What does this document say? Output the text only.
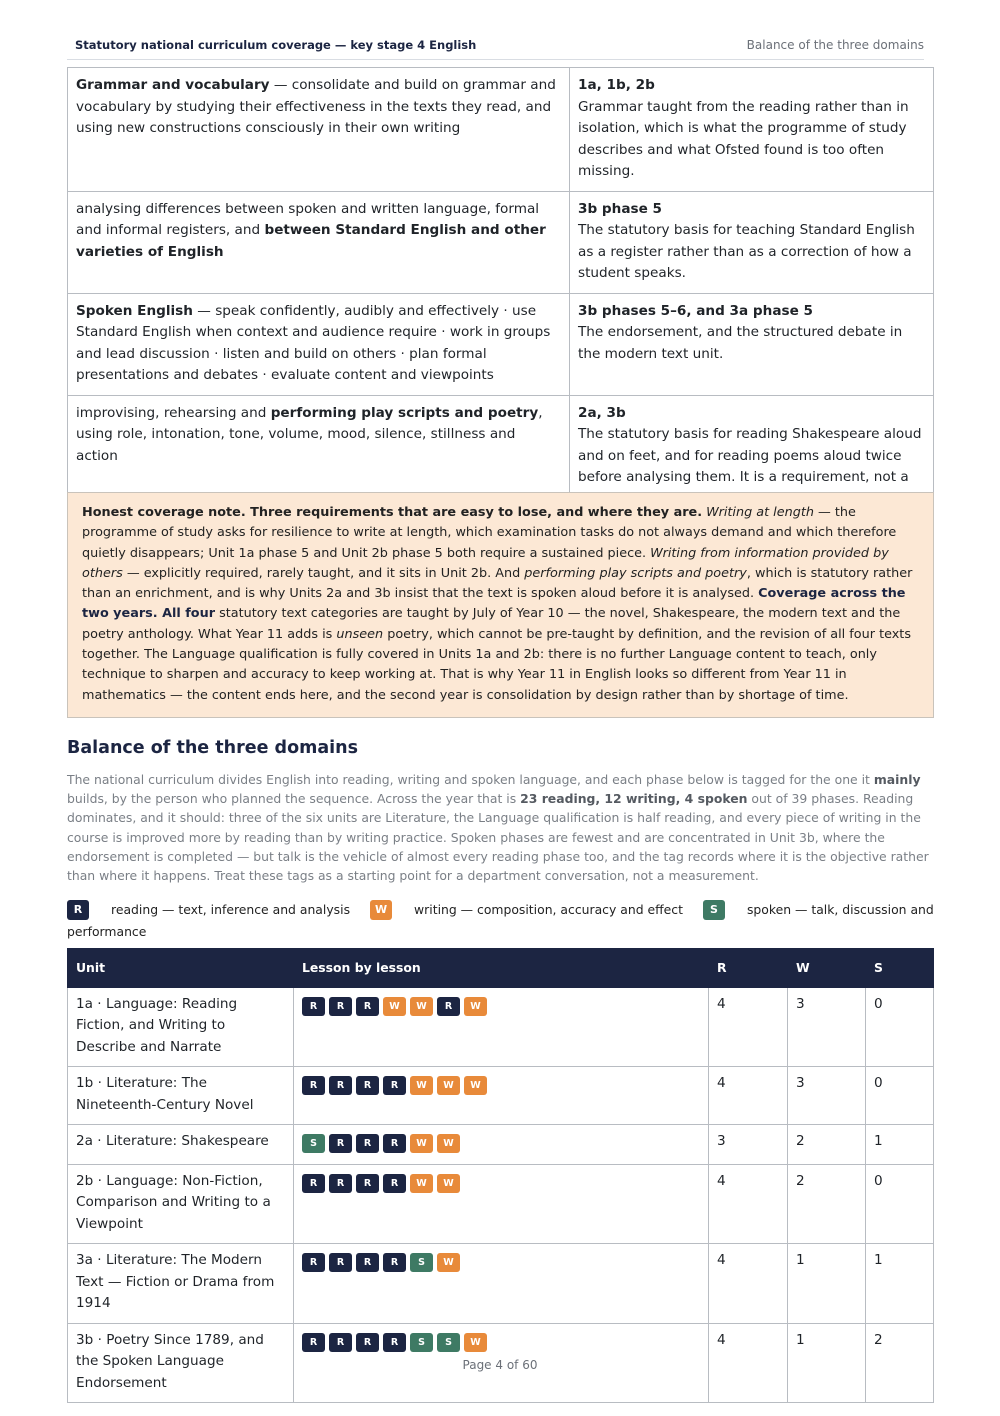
Statutory national curriculum coverage — key stage 4 English	Balance of the three domains
Grammar and vocabulary — consolidate and build on grammar and vocabulary by studying their effectiveness in the texts they read, and using new constructions consciously in their own writing	1a, 1b, 2b
Grammar taught from the reading rather than in isolation, which is what the programme of study describes and what Ofsted found is too often missing.
analysing differences between spoken and written language, formal and informal registers, and between Standard English and other varieties of English	3b phase 5
The statutory basis for teaching Standard English as a register rather than as a correction of how a student speaks.
Spoken English — speak confidently, audibly and effectively · use Standard English when context and audience require · work in groups and lead discussion · listen and build on others · plan formal presentations and debates · evaluate content and viewpoints	3b phases 5–6, and 3a phase 5
The endorsement, and the structured debate in the modern text unit.
improvising, rehearsing and performing play scripts and poetry, using role, intonation, tone, volume, mood, silence, stillness and action	2a, 3b
The statutory basis for reading Shakespeare aloud and on feet, and for reading poems aloud twice before analysing them. It is a requirement, not a
Honest coverage note. Three requirements that are easy to lose, and where they are. Writing at length — the programme of study asks for resilience to write at length, which examination tasks do not always demand and which therefore quietly disappears; Unit 1a phase 5 and Unit 2b phase 5 both require a sustained piece. Writing from information provided by others — explicitly required, rarely taught, and it sits in Unit 2b. And performing play scripts and poetry, which is statutory rather than an enrichment, and is why Units 2a and 3b insist that the text is spoken aloud before it is analysed. Coverage across the two years. All four statutory text categories are taught by July of Year 10 — the novel, Shakespeare, the modern text and the poetry anthology. What Year 11 adds is unseen poetry, which cannot be pre-taught by definition, and the revision of all four texts together. The Language qualification is fully covered in Units 1a and 2b: there is no further Language content to teach, only technique to sharpen and accuracy to keep working at. That is why Year 11 in English looks so different from Year 11 in mathematics — the content ends here, and the second year is consolidation by design rather than by shortage of time.
Balance of the three domains
The national curriculum divides English into reading, writing and spoken language, and each phase below is tagged for the one it mainly builds, by the person who planned the sequence. Across the year that is 23 reading, 12 writing, 4 spoken out of 39 phases. Reading dominates, and it should: three of the six units are Literature, the Language qualification is half reading, and every piece of writing in the course is improved more by reading than by writing practice. Spoken phases are fewest and are concentrated in Unit 3b, where the endorsement is completed — but talk is the vehicle of almost every reading phase too, and the tag records where it is the objective rather than where it happens. Treat these tags as a starting point for a department conversation, not a measurement.
R reading — text, inference and analysis W writing — composition, accuracy and effect S spoken — talk, discussion and performance
Unit	Lesson by lesson	R	W	S
1a · Language: Reading Fiction, and Writing to Describe and Narrate	R R R W W R W	4	3	0
1b · Literature: The Nineteenth-Century Novel	R R R R W W W	4	3	0
2a · Literature: Shakespeare	S R R R W W	3	2	1
2b · Language: Non-Fiction, Comparison and Writing to a Viewpoint	R R R R W W	4	2	0
3a · Literature: The Modern Text — Fiction or Drama from 1914	R R R R S W	4	1	1
3b · Poetry Since 1789, and the Spoken Language Endorsement	R R R R S S W	4	1	2
Page 4 of 60
